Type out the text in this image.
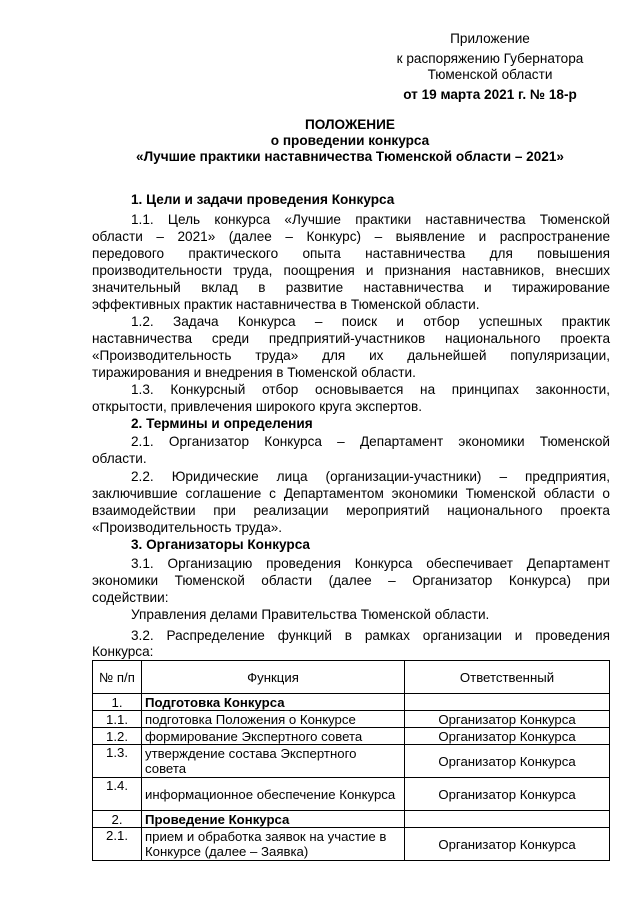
Приложение
к распоряжению Губернатора
Тюменской области
от 19 марта 2021 г. № 18-р
ПОЛОЖЕНИЕ
о проведении конкурса
«Лучшие практики наставничества Тюменской области – 2021»
1. Цели и задачи проведения Конкурса
1.1. Цель конкурса «Лучшие практики наставничества Тюменской
области – 2021» (далее – Конкурс) – выявление и распространение
передового практического опыта наставничества для повышения
производительности труда, поощрения и признания наставников, внесших
значительный вклад в развитие наставничества и тиражирование
эффективных практик наставничества в Тюменской области.
1.2. Задача Конкурса – поиск и отбор успешных практик
наставничества среди предприятий-участников национального проекта
«Производительность труда» для их дальнейшей популяризации,
тиражирования и внедрения в Тюменской области.
1.3. Конкурсный отбор основывается на принципах законности,
открытости, привлечения широкого круга экспертов.
2. Термины и определения
2.1. Организатор Конкурса – Департамент экономики Тюменской
области.
2.2. Юридические лица (организации-участники) – предприятия,
заключившие соглашение с Департаментом экономики Тюменской области о
взаимодействии при реализации мероприятий национального проекта
«Производительность труда».
3. Организаторы Конкурса
3.1. Организацию проведения Конкурса обеспечивает Департамент
экономики Тюменской области (далее – Организатор Конкурса) при
содействии:
Управления делами Правительства Тюменской области.
3.2. Распределение функций в рамках организации и проведения
Конкурса:
№ п/п	Функция	Ответственный
1.	Подготовка Конкурса	
1.1.	подготовка Положения о Конкурсе	Организатор Конкурса
1.2.	формирование Экспертного совета	Организатор Конкурса
1.3.	утверждение состава Экспертного совета	Организатор Конкурса
1.4.	информационное обеспечение Конкурса	Организатор Конкурса
2.	Проведение Конкурса	
2.1.	прием и обработка заявок на участие в Конкурсе (далее – Заявка)	Организатор Конкурса
